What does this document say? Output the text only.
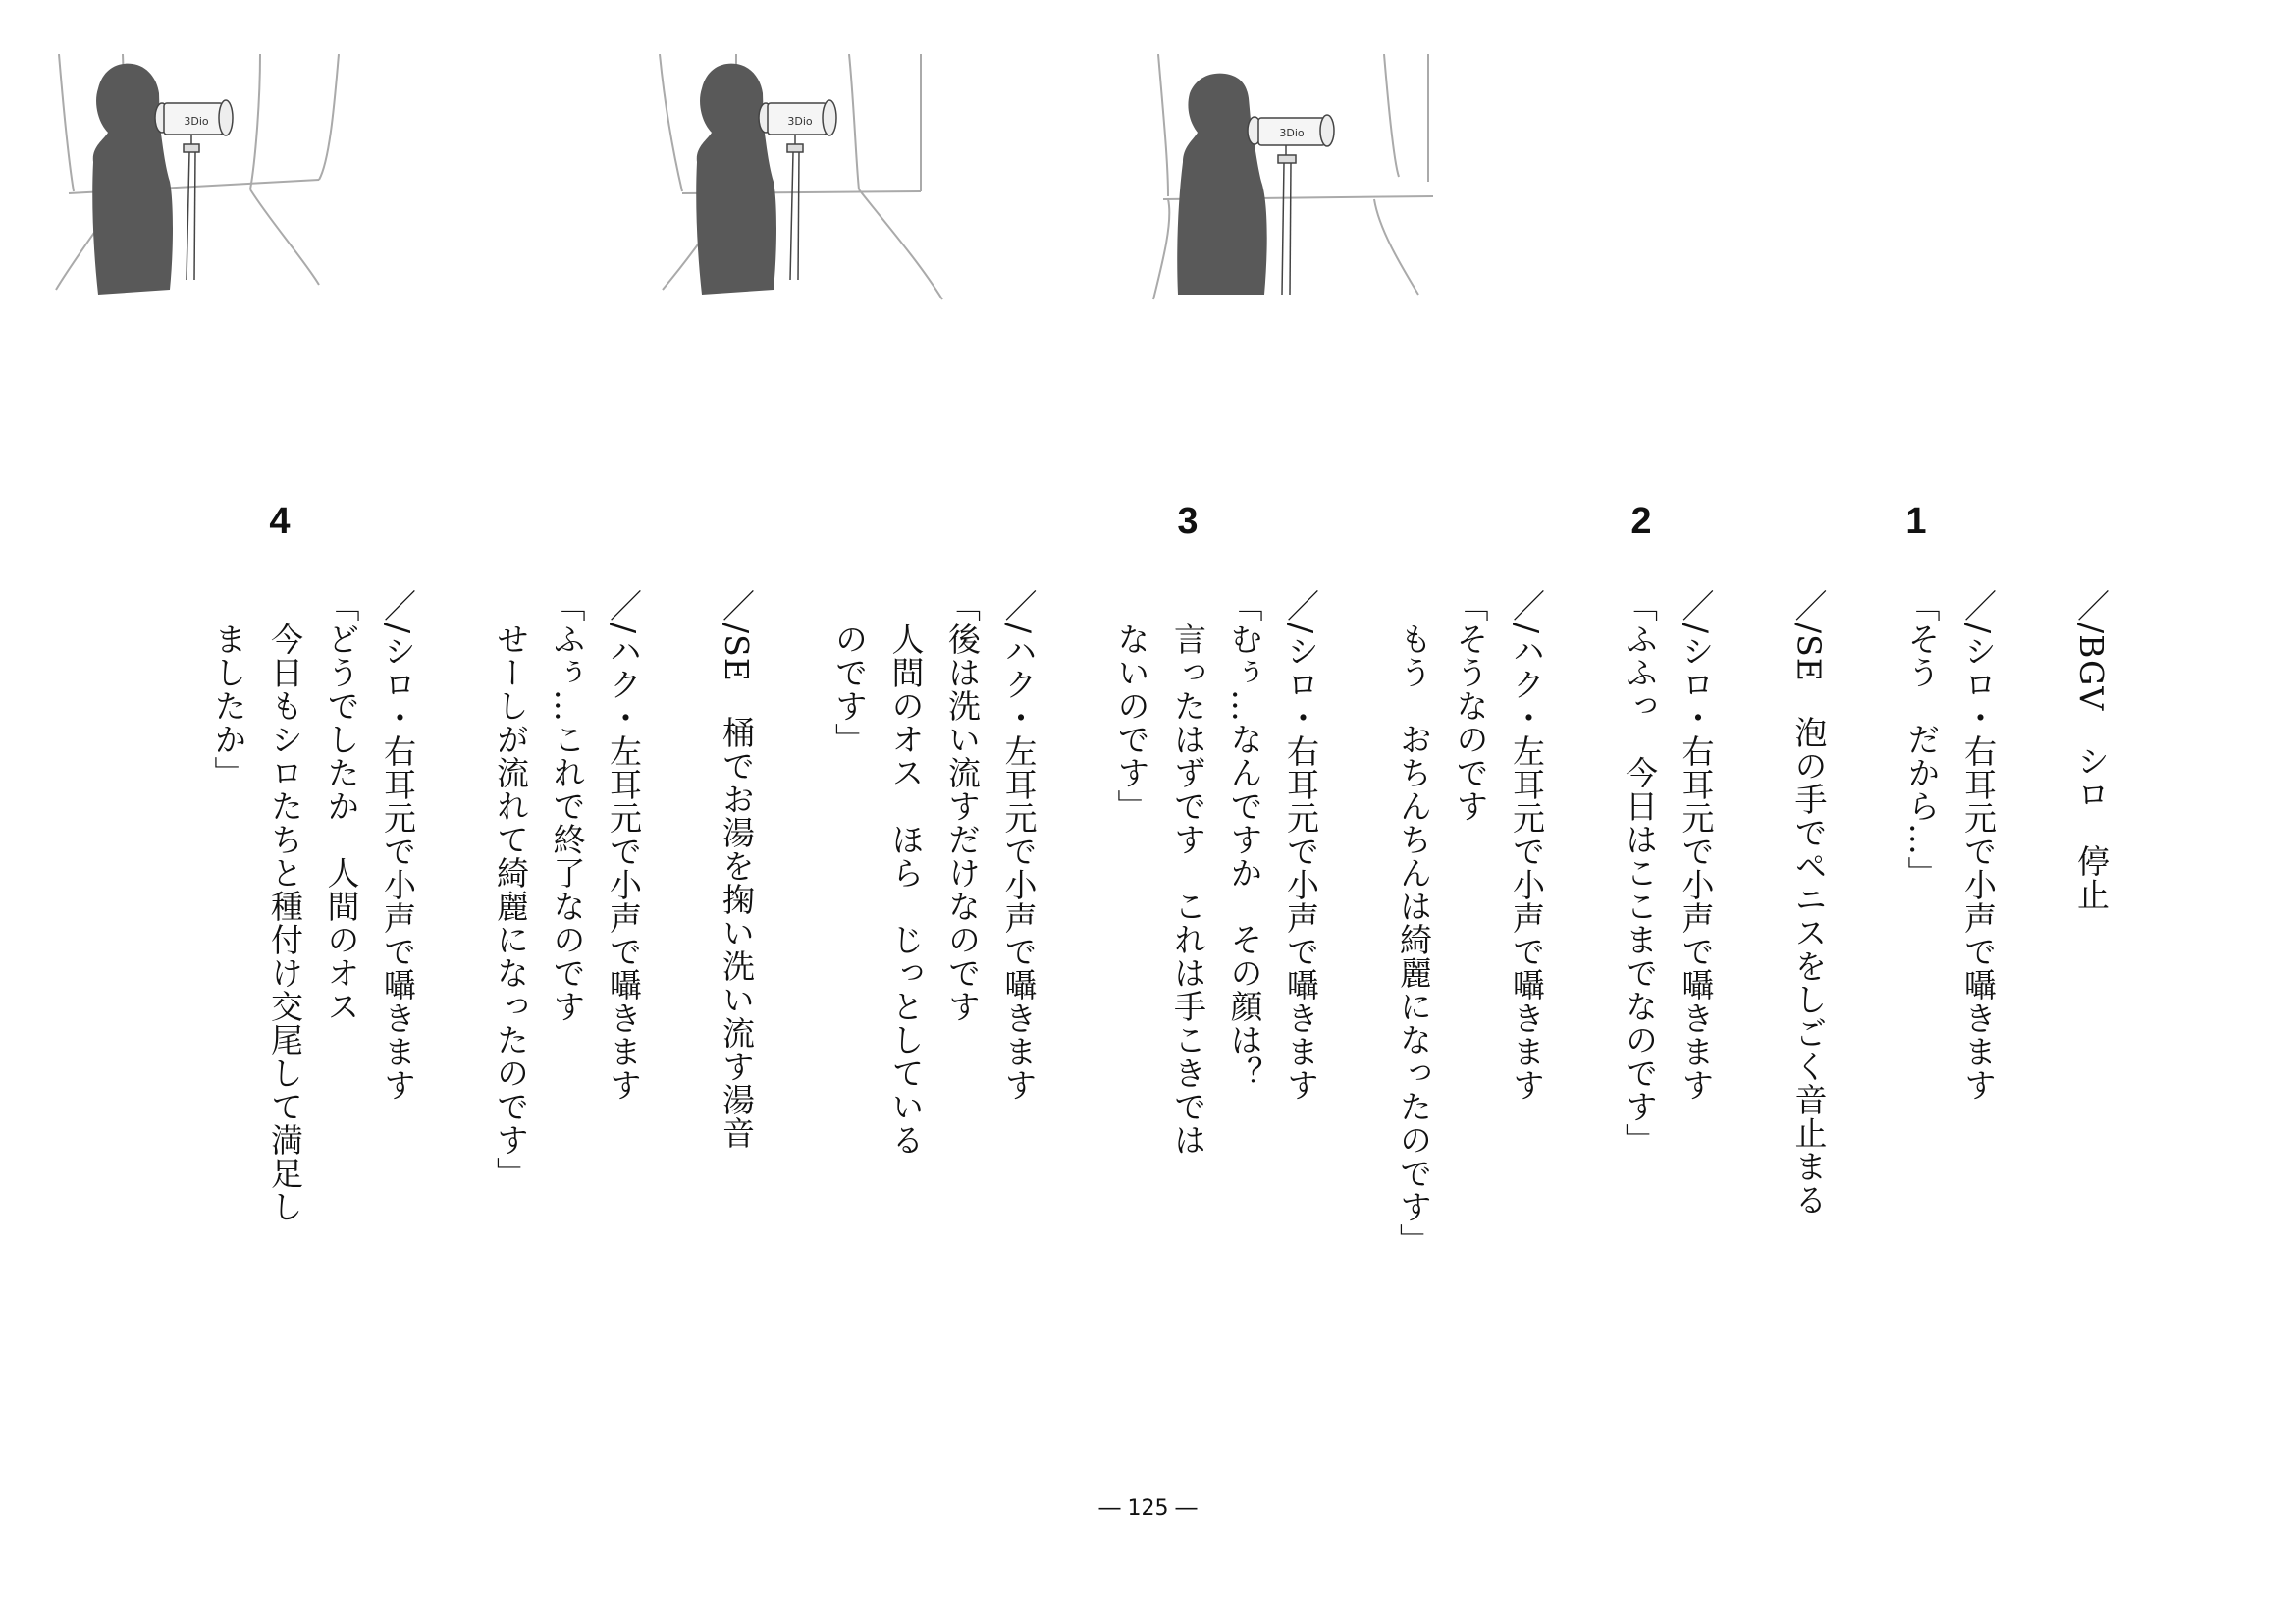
3Dio	3Dio
3Dio
4	3	2	1
／/BGV　シロ　停止

／/シロ・右耳元で小声で囁きます
「そう　だから…」

／/SE　泡の手でペニスをしごく音止まる

／/シロ・右耳元で小声で囁きます
「ふふっ　今日はここまでなのです」

／/ハク・左耳元で小声で囁きます
「そうなのです
　もう　おちんちんは綺麗になったのです」

／/シロ・右耳元で小声で囁きます
「むぅ…なんですか　その顔は？
　言ったはずです　これは手こきでは
　ないのです」

／/ハク・左耳元で小声で囁きます
「後は洗い流すだけなのです
　人間のオス　ほら　じっとしている
　のです」

／/SE　桶でお湯を掬い洗い流す湯音

／/ハク・左耳元で小声で囁きます
「ふぅ…これで終了なのです
　せーしが流れて綺麗になったのです」

／/シロ・右耳元で小声で囁きます
「どうでしたか　人間のオス
　今日もシロたちと種付け交尾して満足し
　ましたか」
― 125 ―
